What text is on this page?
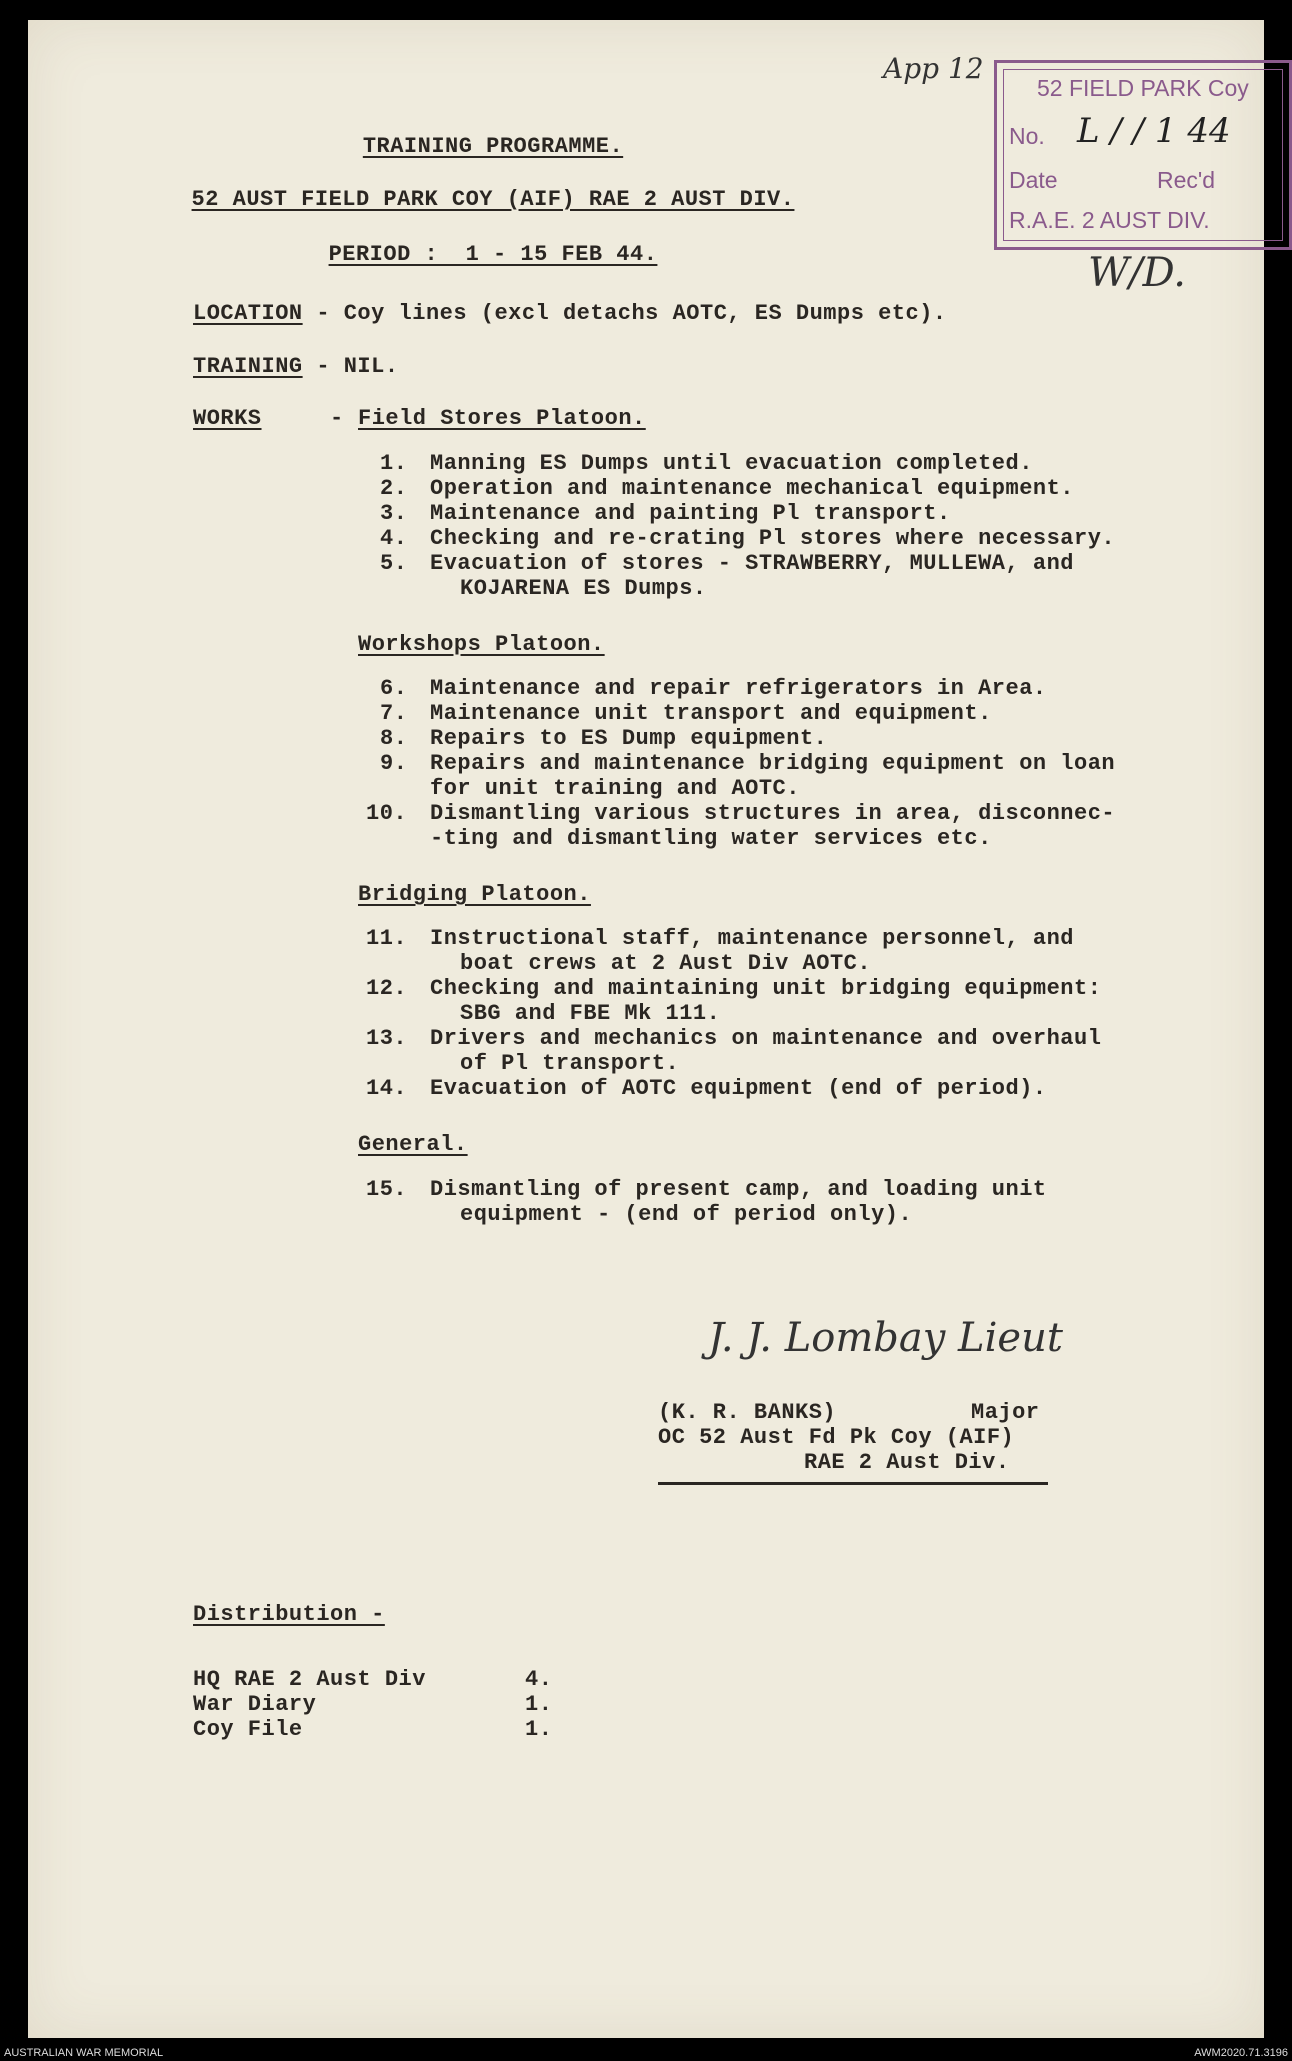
52 FIELD PARK Coy
No. L / / 1 44
Date	Rec'd
R.A.E. 2 AUST DIV.
App 12
W/D.
TRAINING PROGRAMME.
52 AUST FIELD PARK COY (AIF) RAE 2 AUST DIV.
PERIOD :  1 - 15 FEB 44.
LOCATION - Coy lines (excl detachs AOTC, ES Dumps etc).
TRAINING - NIL.
WORKS	- Field Stores Platoon.
1. Manning ES Dumps until evacuation completed.
2. Operation and maintenance mechanical equipment.
3. Maintenance and painting Pl transport.
4. Checking and re-crating Pl stores where necessary.
5. Evacuation of stores - STRAWBERRY, MULLEWA, and
KOJARENA ES Dumps.
Workshops Platoon.
6. Maintenance and repair refrigerators in Area.
7. Maintenance unit transport and equipment.
8. Repairs to ES Dump equipment.
9. Repairs and maintenance bridging equipment on loan
for unit training and AOTC.
10. Dismantling various structures in area, disconnec-
-ting and dismantling water services etc.
Bridging Platoon.
11. Instructional staff, maintenance personnel, and
boat crews at 2 Aust Div AOTC.
12. Checking and maintaining unit bridging equipment:
SBG and FBE Mk 111.
13. Drivers and mechanics on maintenance and overhaul
of Pl transport.
14. Evacuation of AOTC equipment (end of period).
General.
15. Dismantling of present camp, and loading unit
equipment - (end of period only).
J. J. Lombay Lieut
(K. R. BANKS)	Major
OC 52 Aust Fd Pk Coy (AIF)
RAE 2 Aust Div.
Distribution -
HQ RAE 2 Aust Div	4.
War Diary	1.
Coy File	1.
AUSTRALIAN WAR MEMORIAL	AWM2020.71.3196
